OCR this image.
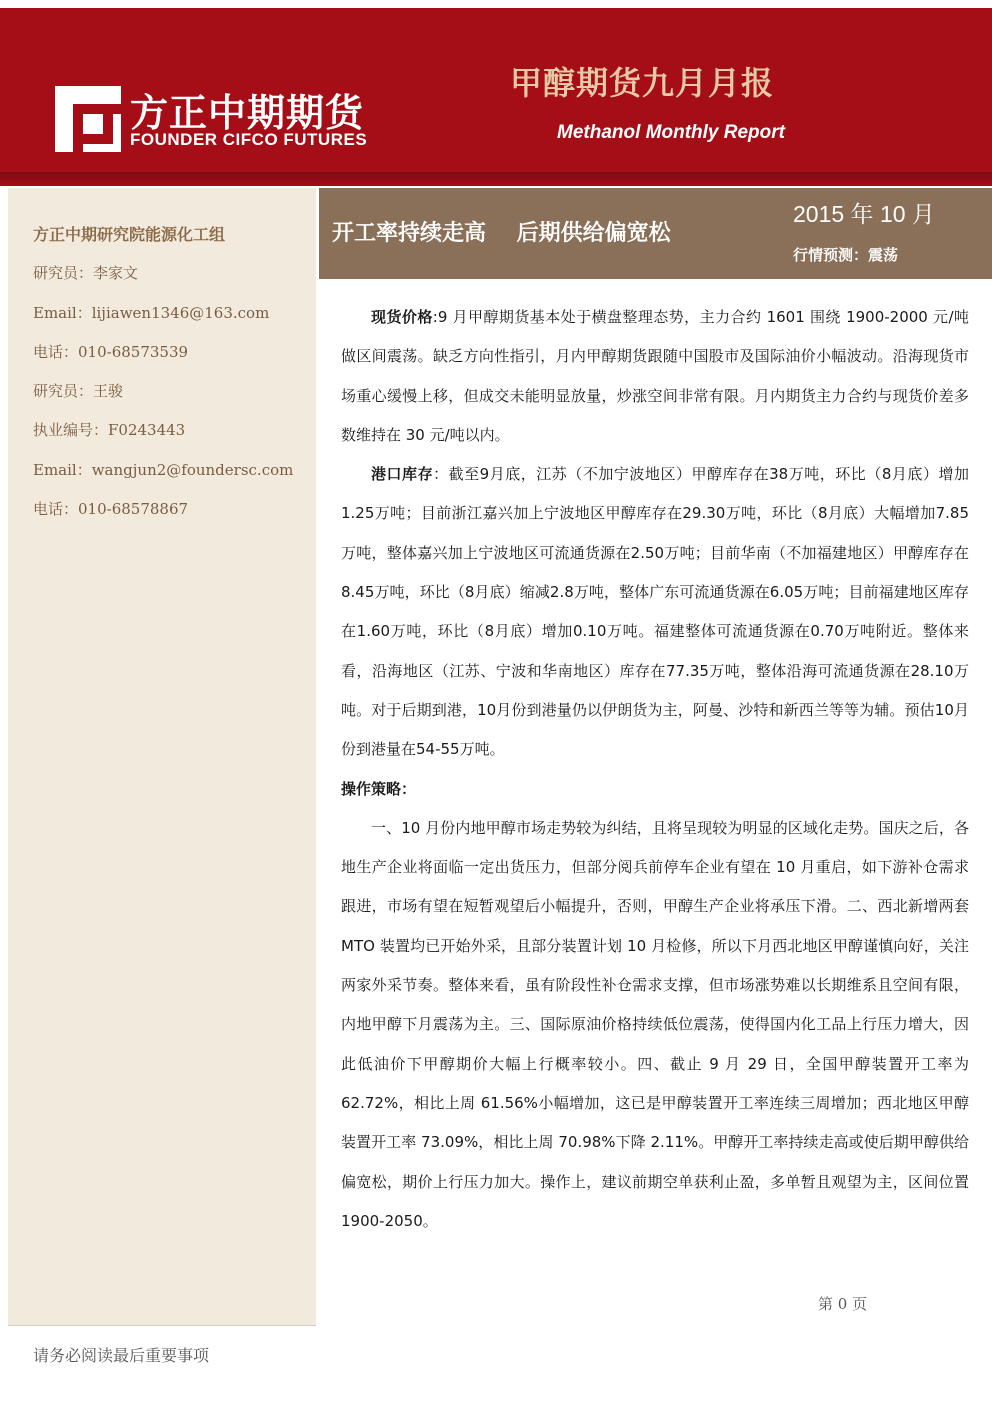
方正中期期货
FOUNDER CIFCO FUTURES
甲醇期货九月月报
Methanol Monthly Report
方正中期研究院能源化工组
研究员：李家文
Email：lijiawen1346@163.com
电话：010-68573539
研究员：王骏
执业编号：F0243443
Email：wangjun2@foundersc.com
电话：010-68578867
开工率持续走高    后期供给偏宽松
2015 年 10 月
行情预测：震荡

现货价格:9 月甲醇期货基本处于横盘整理态势，主力合约 1601 围绕 1900-2000 元/吨做区间震荡。缺乏方向性指引，月内甲醇期货跟随中国股市及国际油价小幅波动。沿海现货市场重心缓慢上移，但成交未能明显放量，炒涨空间非常有限。月内期货主力合约与现货价差多数维持在 30 元/吨以内。

港口库存：截至9月底，江苏（不加宁波地区）甲醇库存在38万吨，环比（8月底）增加1.25万吨；目前浙江嘉兴加上宁波地区甲醇库存在29.30万吨，环比（8月底）大幅增加7.85万吨，整体嘉兴加上宁波地区可流通货源在2.50万吨；目前华南（不加福建地区）甲醇库存在8.45万吨，环比（8月底）缩减2.8万吨，整体广东可流通货源在6.05万吨；目前福建地区库存在1.60万吨，环比（8月底）增加0.10万吨。福建整体可流通货源在0.70万吨附近。整体来看，沿海地区（江苏、宁波和华南地区）库存在77.35万吨，整体沿海可流通货源在28.10万吨。对于后期到港，10月份到港量仍以伊朗货为主，阿曼、沙特和新西兰等等为辅。预估10月份到港量在54-55万吨。

操作策略：

一、10 月份内地甲醇市场走势较为纠结，且将呈现较为明显的区域化走势。国庆之后，各地生产企业将面临一定出货压力，但部分阅兵前停车企业有望在 10 月重启，如下游补仓需求跟进，市场有望在短暂观望后小幅提升，否则，甲醇生产企业将承压下滑。二、西北新增两套 MTO 装置均已开始外采，且部分装置计划 10 月检修，所以下月西北地区甲醇谨慎向好，关注两家外采节奏。整体来看，虽有阶段性补仓需求支撑，但市场涨势难以长期维系且空间有限，内地甲醇下月震荡为主。三、国际原油价格持续低位震荡，使得国内化工品上行压力增大，因此低油价下甲醇期价大幅上行概率较小。四、截止 9 月 29 日，全国甲醇装置开工率为 62.72%，相比上周 61.56%小幅增加，这已是甲醇装置开工率连续三周增加；西北地区甲醇装置开工率 73.09%，相比上周 70.98%下降 2.11%。甲醇开工率持续走高或使后期甲醇供给偏宽松，期价上行压力加大。操作上，建议前期空单获利止盈，多单暂且观望为主，区间位置 1900-2050。

第 0 页
请务必阅读最后重要事项
